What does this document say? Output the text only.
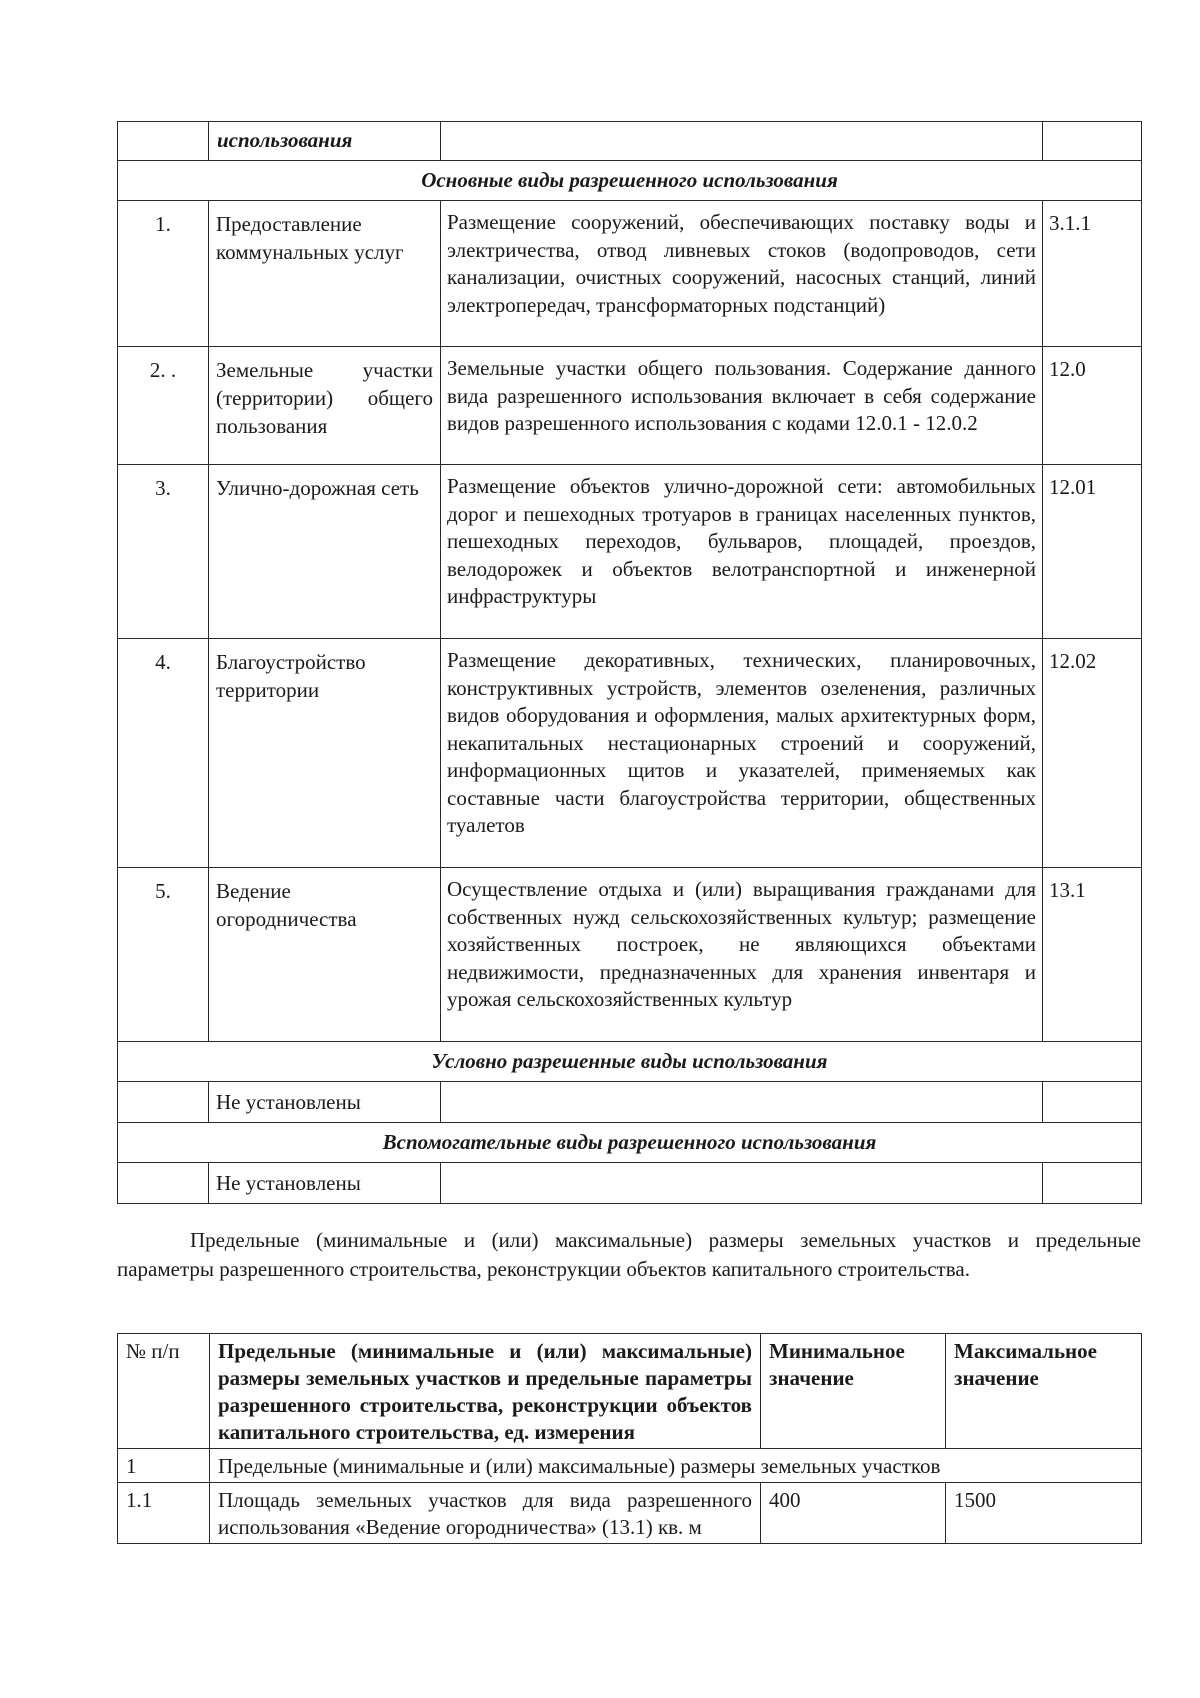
	использования		
Основные виды разрешенного использования			
1.	Предоставление коммунальных услуг	Размещение сооружений, обеспечивающих поставку воды и электричества, отвод ливневых стоков (водопроводов, сети канализации, очистных сооружений, насосных станций, линий электропередач, трансформаторных подстанций)	3.1.1
2. .	Земельные участки (территории) общего пользования	Земельные участки общего пользования. Содержание данного вида разрешенного использования включает в себя содержание видов разрешенного использования с кодами 12.0.1 - 12.0.2	12.0
3.	Улично-дорожная сеть	Размещение объектов улично-дорожной сети: автомобильных дорог и пешеходных тротуаров в границах населенных пунктов, пешеходных переходов, бульваров, площадей, проездов, велодорожек и объектов велотранспортной и инженерной инфраструктуры	12.01
4.	Благоустройство территории	Размещение декоративных, технических, планировочных, конструктивных устройств, элементов озеленения, различных видов оборудования и оформления, малых архитектурных форм, некапитальных нестационарных строений и сооружений, информационных щитов и указателей, применяемых как составные части благоустройства территории, общественных туалетов	12.02
5.	Ведение огородничества	Осуществление отдыха и (или) выращивания гражданами для собственных нужд сельскохозяйственных культур; размещение хозяйственных построек, не являющихся объектами недвижимости, предназначенных для хранения инвентаря и урожая сельскохозяйственных культур	13.1
Условно разрешенные виды использования			
	Не установлены		
Вспомогательные виды разрешенного использования			
	Не установлены		
Предельные (минимальные и (или) максимальные) размеры земельных участков и предельные параметры разрешенного строительства, реконструкции объектов капитального строительства.
№ п/п	Предельные (минимальные и (или) максимальные) размеры земельных участков и предельные параметры разрешенного строительства, реконструкции объектов капитального строительства, ед. измерения	Минимальное значение	Максимальное значение
1	Предельные (минимальные и (или) максимальные) размеры земельных участков		
1.1	Площадь земельных участков для вида разрешенного использования «Ведение огородничества» (13.1) кв. м	400	1500
